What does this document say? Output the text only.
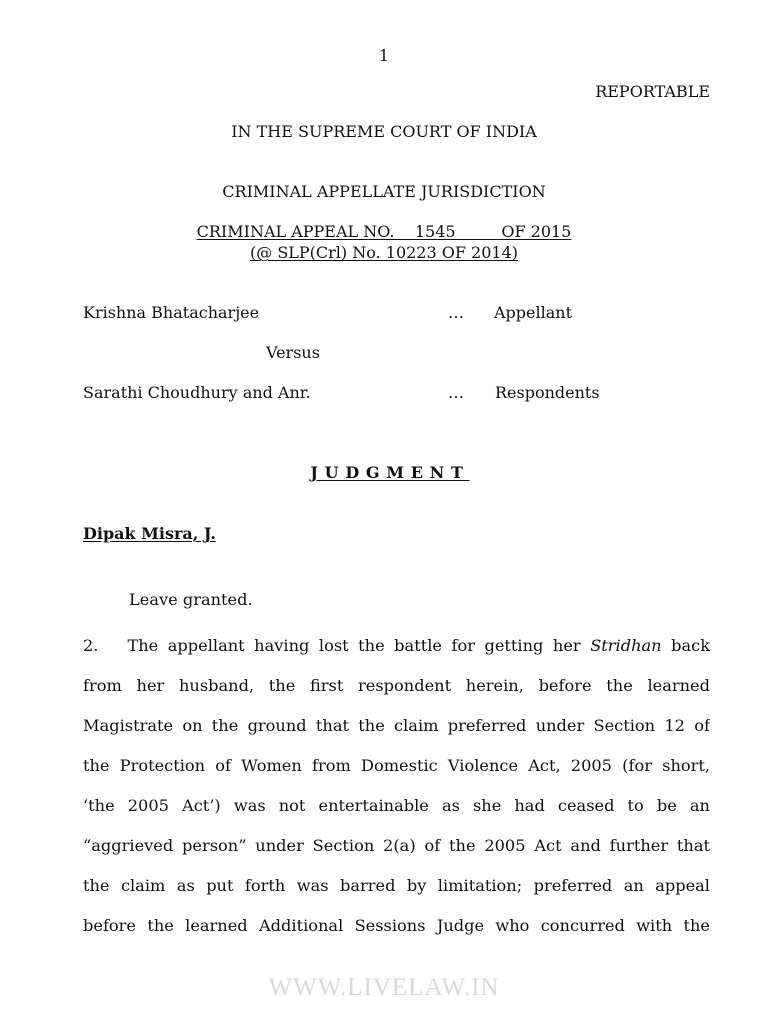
1
REPORTABLE
IN THE SUPREME COURT OF INDIA
CRIMINAL APPELLATE JURISDICTION
CRIMINAL APPEAL NO.    1545         OF 2015
(@ SLP(Crl) No. 10223 OF 2014)
Krishna Bhatacharjee	… Appellant
Versus
Sarathi Choudhury and Anr.	… Respondents
JUDGMENT
Dipak Misra, J.
Leave granted.
2. The appellant having lost the battle for getting her Stridhan back
from her husband, the first respondent herein, before the learned
Magistrate on the ground that the claim preferred under Section 12 of
the Protection of Women from Domestic Violence Act, 2005 (for short,
‘the 2005 Act’) was not entertainable as she had ceased to be an
“aggrieved person” under Section 2(a) of the 2005 Act and further that
the claim as put forth was barred by limitation; preferred an appeal
before the learned Additional Sessions Judge who concurred with the
WWW.LIVELAW.IN
